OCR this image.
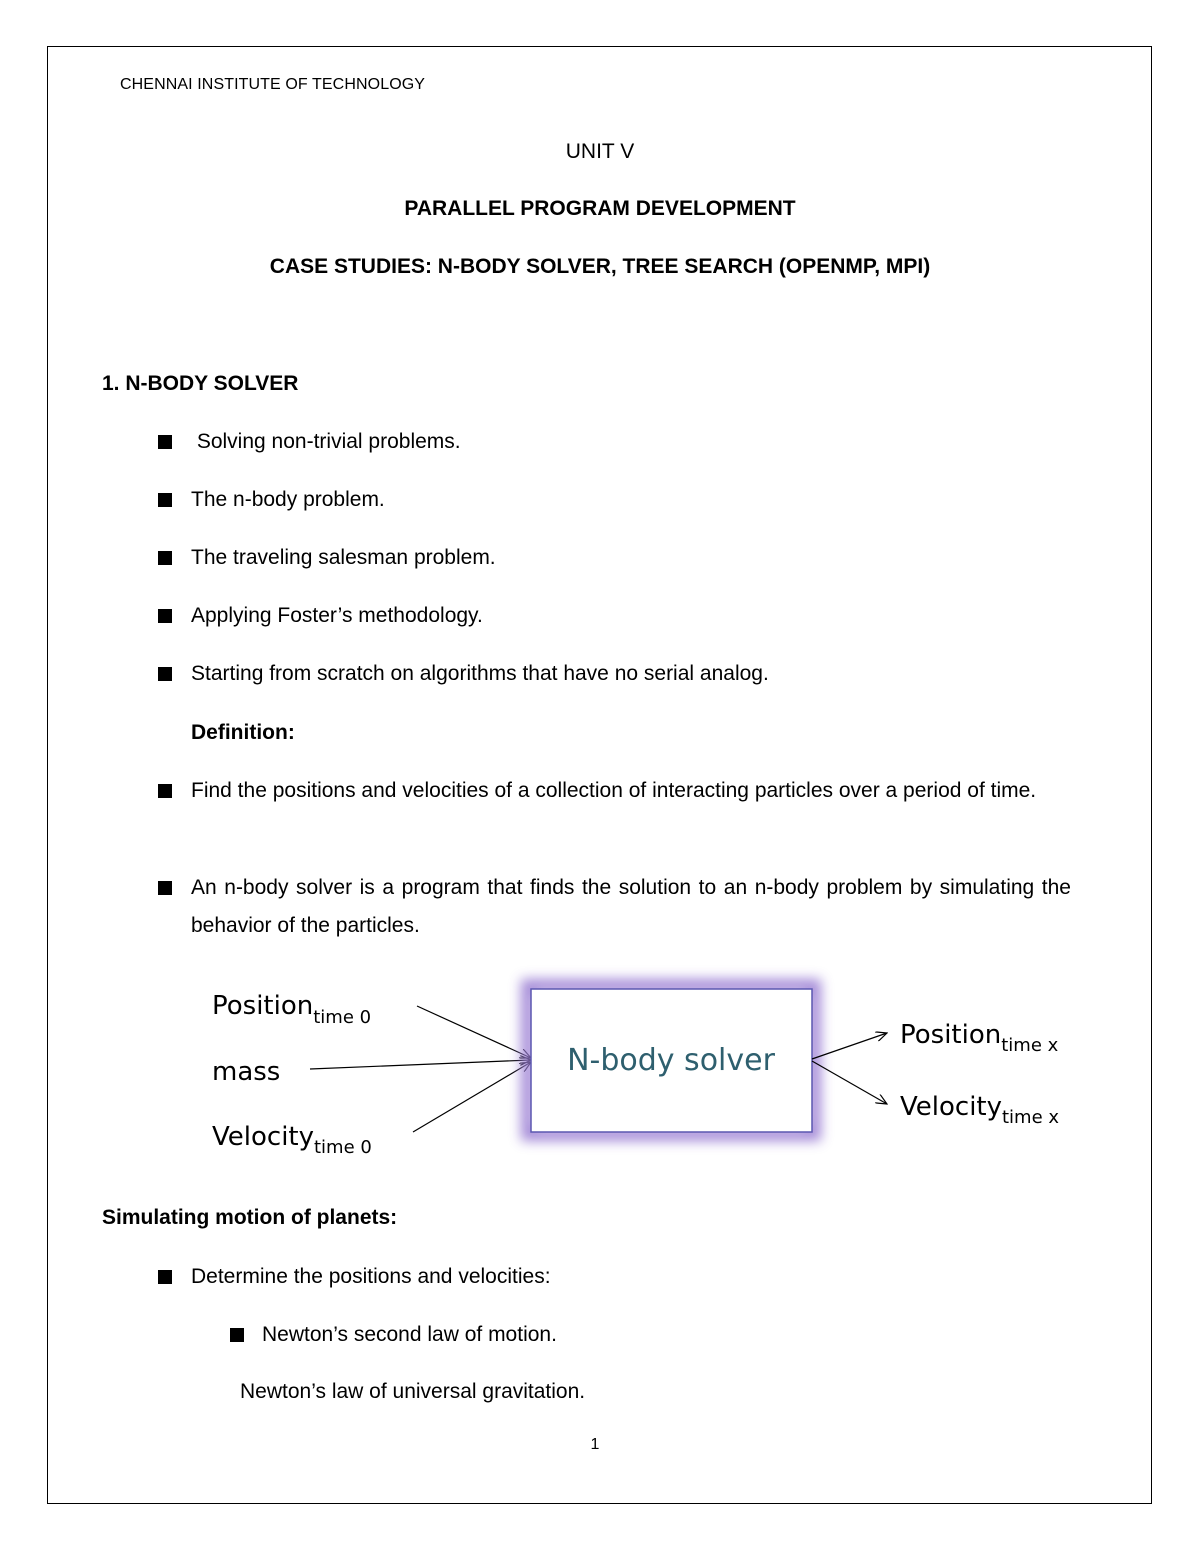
CHENNAI INSTITUTE OF TECHNOLOGY
UNIT V
PARALLEL PROGRAM DEVELOPMENT
CASE STUDIES: N-BODY SOLVER, TREE SEARCH (OPENMP, MPI)
1. N-BODY SOLVER
Solving non-trivial problems.
The n-body problem.
The traveling salesman problem.
Applying Foster’s methodology.
Starting from scratch on algorithms that have no serial analog.
Definition:
Find the positions and velocities of a collection of interacting particles over a period of time.
An n-body solver is a program that finds the solution to an n-body problem by simulating the behavior of the particles.
Position$_{time 0}$
mass
Velocity$_{time 0}$
N-body solver
Position$_{time x}$
Velocity$_{time x}$
Simulating motion of planets:
Determine the positions and velocities:
Newton’s second law of motion.
Newton’s law of universal gravitation.
1
